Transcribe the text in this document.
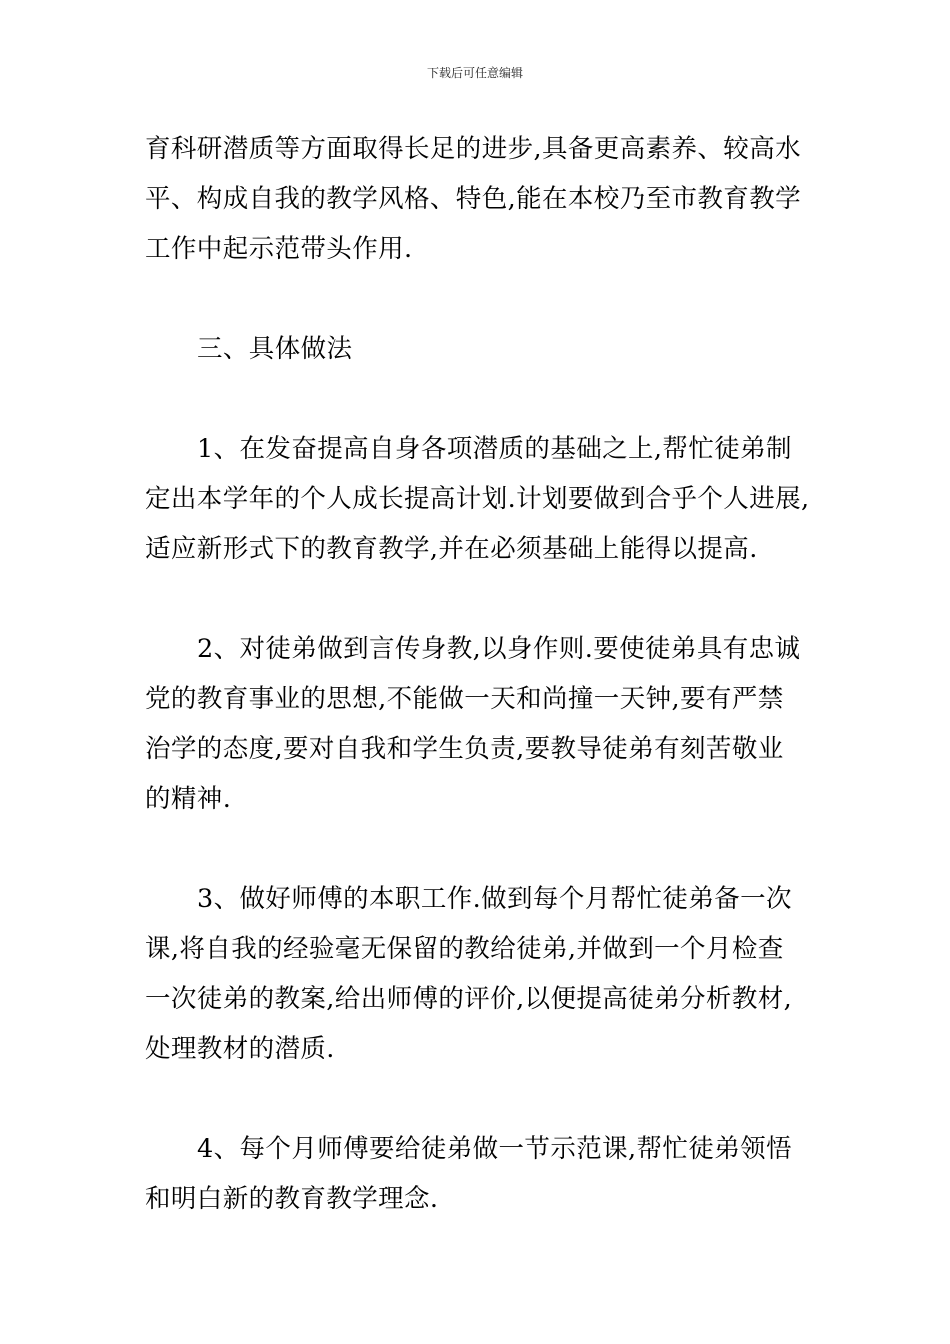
下载后可任意编辑
育科研潜质等方面取得长足的进步,具备更高素养、较高水
平、构成自我的教学风格、特色,能在本校乃至市教育教学
工作中起示范带头作用.
三、具体做法
1、在发奋提高自身各项潜质的基础之上,帮忙徒弟制
定出本学年的个人成长提高计划.计划要做到合乎个人进展,
适应新形式下的教育教学,并在必须基础上能得以提高.
2、对徒弟做到言传身教,以身作则.要使徒弟具有忠诚
党的教育事业的思想,不能做一天和尚撞一天钟,要有严禁
治学的态度,要对自我和学生负责,要教导徒弟有刻苦敬业
的精神.
3、做好师傅的本职工作.做到每个月帮忙徒弟备一次
课,将自我的经验毫无保留的教给徒弟,并做到一个月检查
一次徒弟的教案,给出师傅的评价,以便提高徒弟分析教材,
处理教材的潜质.
4、每个月师傅要给徒弟做一节示范课,帮忙徒弟领悟
和明白新的教育教学理念.
